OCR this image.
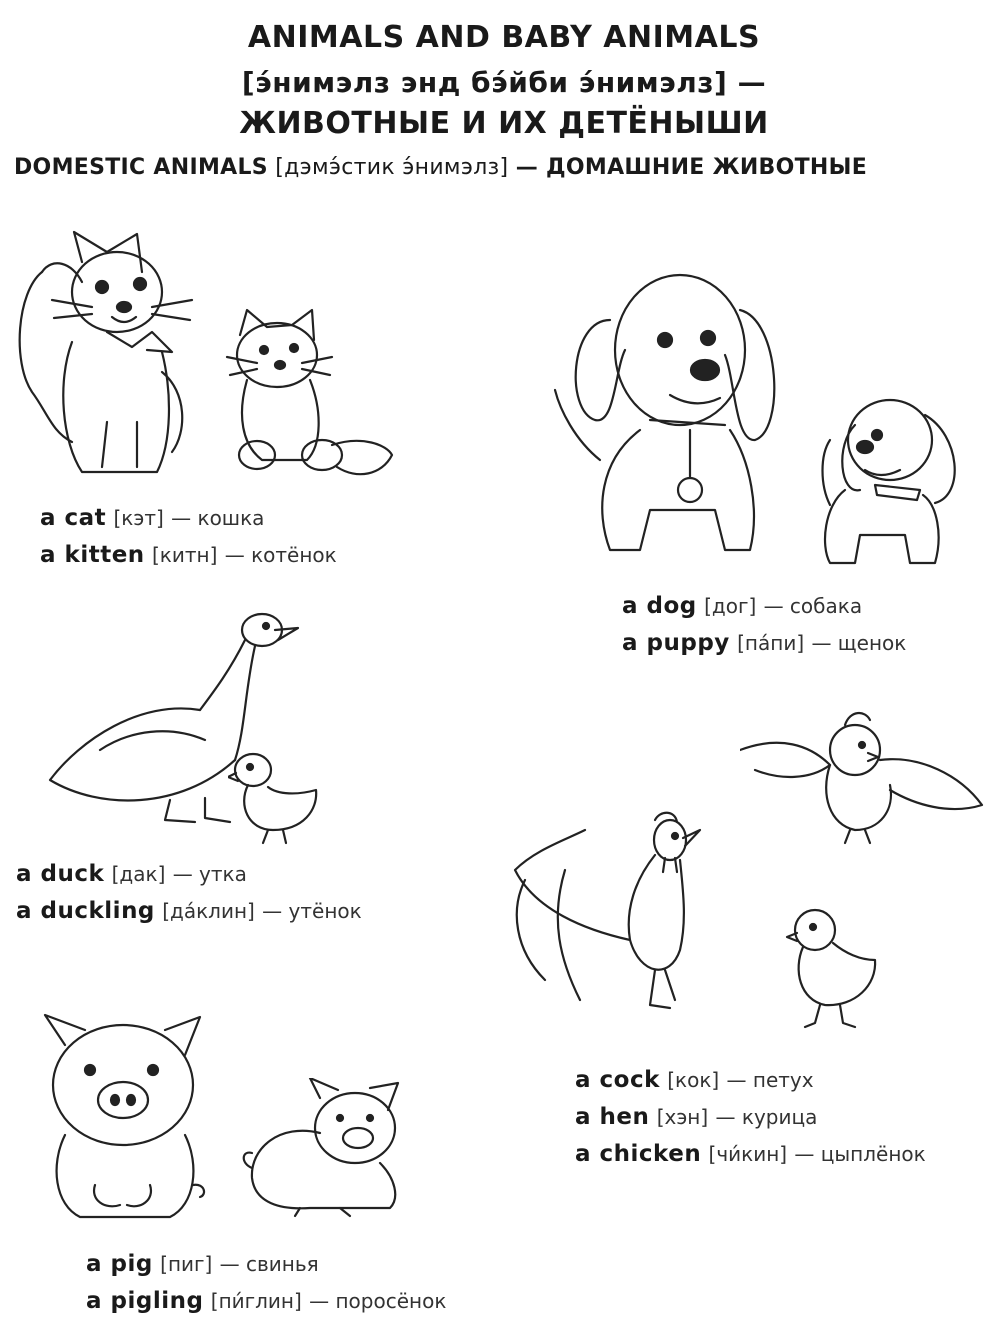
ANIMALS AND BABY ANIMALS
[э́нимэлз энд бэ́йби э́нимэлз] —
ЖИВОТНЫЕ И ИХ ДЕТЁНЫШИ
DOMESTIC ANIMALS [дэмэ́стик э́нимэлз] — ДОМАШНИЕ ЖИВОТНЫЕ
a cat [кэт] — кошка
a kitten [китн] — котёнок
a dog [дог] — собака
a puppy [па́пи] — щенок
a duck [дак] — утка
a duckling [да́клин] — утёнок
a cock [кок] — петух
a hen [хэн] — курица
a chicken [чи́кин] — цыплёнок
a pig [пиг] — свинья
a pigling [пи́глин] — поросёнок
